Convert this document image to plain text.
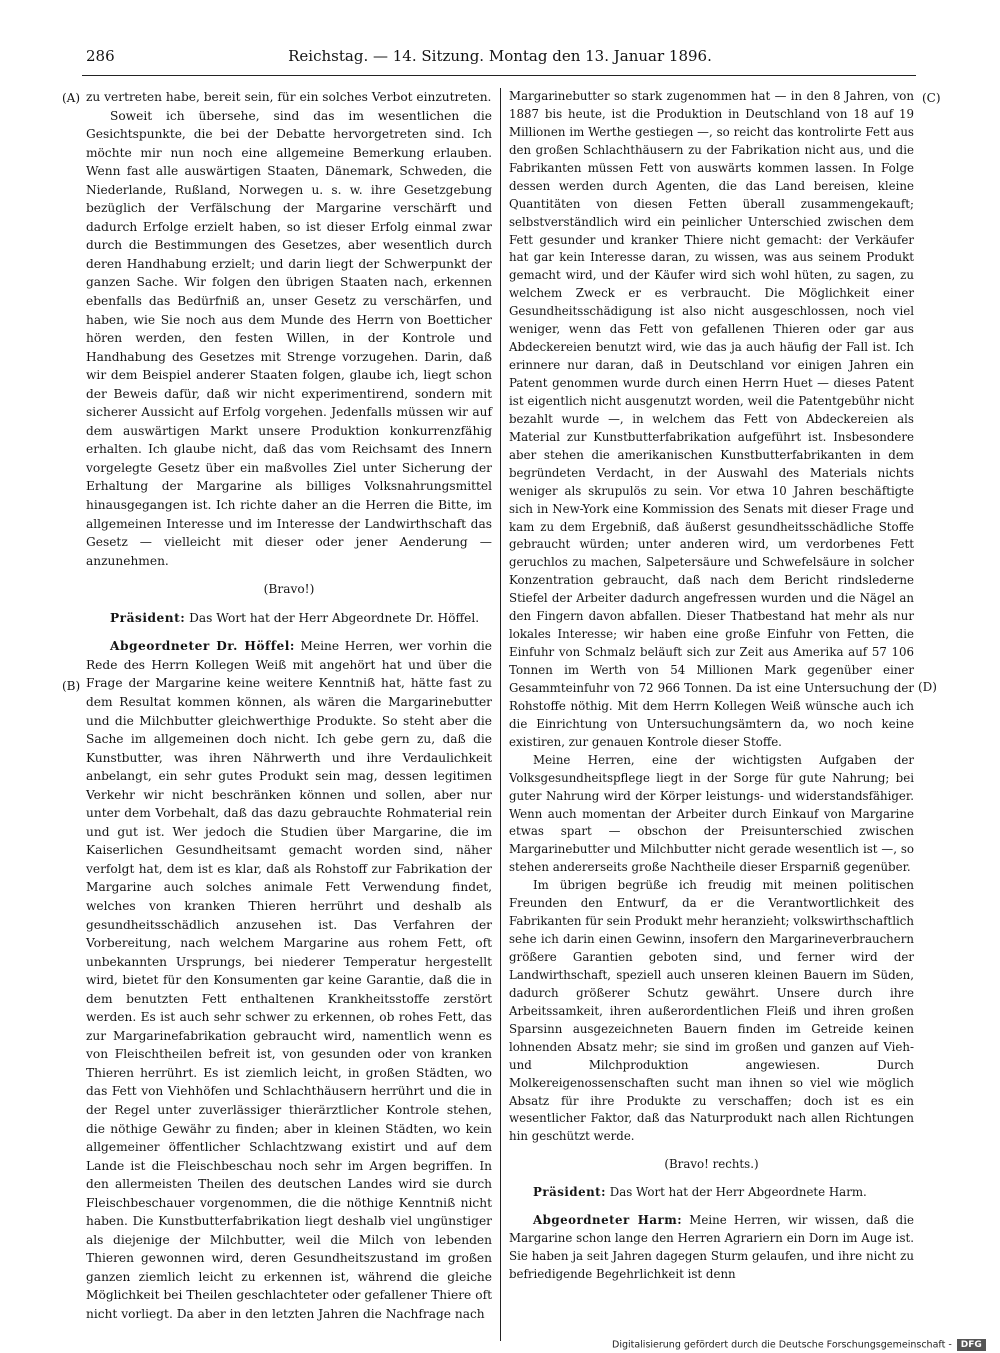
286	Reichstag. — 14. Sitzung. Montag den 13. Januar 1896.
(A)
(B)
(C)
(D)

zu vertreten habe, bereit sein, für ein solches Verbot einzutreten.

Soweit ich übersehe, sind das im wesentlichen die Gesichtspunkte, die bei der Debatte hervorgetreten sind. Ich möchte mir nun noch eine allgemeine Bemerkung erlauben. Wenn fast alle auswärtigen Staaten, Dänemark, Schweden, die Niederlande, Rußland, Norwegen u. s. w. ihre Gesetzgebung bezüglich der Verfälschung der Margarine verschärft und dadurch Erfolge erzielt haben, so ist dieser Erfolg einmal zwar durch die Bestimmungen des Gesetzes, aber wesentlich durch deren Handhabung erzielt; und darin liegt der Schwerpunkt der ganzen Sache. Wir folgen den übrigen Staaten nach, erkennen ebenfalls das Bedürfniß an, unser Gesetz zu verschärfen, und haben, wie Sie noch aus dem Munde des Herrn von Boetticher hören werden, den festen Willen, in der Kontrole und Handhabung des Gesetzes mit Strenge vorzugehen. Darin, daß wir dem Beispiel anderer Staaten folgen, glaube ich, liegt schon der Beweis dafür, daß wir nicht experimentirend, sondern mit sicherer Aussicht auf Erfolg vorgehen. Jedenfalls müssen wir auf dem auswärtigen Markt unsere Produktion konkurrenzfähig erhalten. Ich glaube nicht, daß das vom Reichsamt des Innern vorgelegte Gesetz über ein maßvolles Ziel unter Sicherung der Erhaltung der Margarine als billiges Volksnahrungsmittel hinausgegangen ist. Ich richte daher an die Herren die Bitte, im allgemeinen Interesse und im Interesse der Landwirthschaft das Gesetz — vielleicht mit dieser oder jener Aenderung — anzunehmen.

(Bravo!)

Präsident: Das Wort hat der Herr Abgeordnete Dr. Höffel.

Abgeordneter Dr. Höffel: Meine Herren, wer vorhin die Rede des Herrn Kollegen Weiß mit angehört hat und über die Frage der Margarine keine weitere Kenntniß hat, hätte fast zu dem Resultat kommen können, als wären die Margarinebutter und die Milchbutter gleichwerthige Produkte. So steht aber die Sache im allgemeinen doch nicht. Ich gebe gern zu, daß die Kunstbutter, was ihren Nährwerth und ihre Verdaulichkeit anbelangt, ein sehr gutes Produkt sein mag, dessen legitimen Verkehr wir nicht beschränken können und sollen, aber nur unter dem Vorbehalt, daß das dazu gebrauchte Rohmaterial rein und gut ist. Wer jedoch die Studien über Margarine, die im Kaiserlichen Gesundheitsamt gemacht worden sind, näher verfolgt hat, dem ist es klar, daß als Rohstoff zur Fabrikation der Margarine auch solches animale Fett Verwendung findet, welches von kranken Thieren herrührt und deshalb als gesundheitsschädlich anzusehen ist. Das Verfahren der Vorbereitung, nach welchem Margarine aus rohem Fett, oft unbekannten Ursprungs, bei niederer Temperatur hergestellt wird, bietet für den Konsumenten gar keine Garantie, daß die in dem benutzten Fett enthaltenen Krankheitsstoffe zerstört werden. Es ist auch sehr schwer zu erkennen, ob rohes Fett, das zur Margarinefabrikation gebraucht wird, namentlich wenn es von Fleischtheilen befreit ist, von gesunden oder von kranken Thieren herrührt. Es ist ziemlich leicht, in großen Städten, wo das Fett von Viehhöfen und Schlachthäusern herrührt und die in der Regel unter zuverlässiger thierärztlicher Kontrole stehen, die nöthige Gewähr zu finden; aber in kleinen Städten, wo kein allgemeiner öffentlicher Schlachtzwang existirt und auf dem Lande ist die Fleischbeschau noch sehr im Argen begriffen. In den allermeisten Theilen des deutschen Landes wird sie durch Fleischbeschauer vorgenommen, die die nöthige Kenntniß nicht haben. Die Kunstbutterfabrikation liegt deshalb viel ungünstiger als diejenige der Milchbutter, weil die Milch von lebenden Thieren gewonnen wird, deren Gesundheitszustand im großen ganzen ziemlich leicht zu erkennen ist, während die gleiche Möglichkeit bei Theilen geschlachteter oder gefallener Thiere oft nicht vorliegt. Da aber in den letzten Jahren die Nachfrage nach

Margarinebutter so stark zugenommen hat — in den 8 Jahren, von 1887 bis heute, ist die Produktion in Deutschland von 18 auf 19 Millionen im Werthe gestiegen —, so reicht das kontrolirte Fett aus den großen Schlachthäusern zu der Fabrikation nicht aus, und die Fabrikanten müssen Fett von auswärts kommen lassen. In Folge dessen werden durch Agenten, die das Land bereisen, kleine Quantitäten von diesen Fetten überall zusammengekauft; selbstverständlich wird ein peinlicher Unterschied zwischen dem Fett gesunder und kranker Thiere nicht gemacht: der Verkäufer hat gar kein Interesse daran, zu wissen, was aus seinem Produkt gemacht wird, und der Käufer wird sich wohl hüten, zu sagen, zu welchem Zweck er es verbraucht. Die Möglichkeit einer Gesundheitsschädigung ist also nicht ausgeschlossen, noch viel weniger, wenn das Fett von gefallenen Thieren oder gar aus Abdeckereien benutzt wird, wie das ja auch häufig der Fall ist. Ich erinnere nur daran, daß in Deutschland vor einigen Jahren ein Patent genommen wurde durch einen Herrn Huet — dieses Patent ist eigentlich nicht ausgenutzt worden, weil die Patentgebühr nicht bezahlt wurde —, in welchem das Fett von Abdeckereien als Material zur Kunstbutterfabrikation aufgeführt ist. Insbesondere aber stehen die amerikanischen Kunstbutterfabrikanten in dem begründeten Verdacht, in der Auswahl des Materials nichts weniger als skrupulös zu sein. Vor etwa 10 Jahren beschäftigte sich in New-York eine Kommission des Senats mit dieser Frage und kam zu dem Ergebniß, daß äußerst gesundheitsschädliche Stoffe gebraucht würden; unter anderen wird, um verdorbenes Fett geruchlos zu machen, Salpetersäure und Schwefelsäure in solcher Konzentration gebraucht, daß nach dem Bericht rindslederne Stiefel der Arbeiter dadurch angefressen wurden und die Nägel an den Fingern davon abfallen. Dieser Thatbestand hat mehr als nur lokales Interesse; wir haben eine große Einfuhr von Fetten, die Einfuhr von Schmalz beläuft sich zur Zeit aus Amerika auf 57 106 Tonnen im Werth von 54 Millionen Mark gegenüber einer Gesammteinfuhr von 72 966 Tonnen. Da ist eine Untersuchung der Rohstoffe nöthig. Mit dem Herrn Kollegen Weiß wünsche auch ich die Einrichtung von Untersuchungsämtern da, wo noch keine existiren, zur genauen Kontrole dieser Stoffe.

Meine Herren, eine der wichtigsten Aufgaben der Volksgesundheitspflege liegt in der Sorge für gute Nahrung; bei guter Nahrung wird der Körper leistungs- und widerstandsfähiger. Wenn auch momentan der Arbeiter durch Einkauf von Margarine etwas spart — obschon der Preisunterschied zwischen Margarinebutter und Milchbutter nicht gerade wesentlich ist —, so stehen andererseits große Nachtheile dieser Ersparniß gegenüber.

Im übrigen begrüße ich freudig mit meinen politischen Freunden den Entwurf, da er die Verantwortlichkeit des Fabrikanten für sein Produkt mehr heranzieht; volkswirthschaftlich sehe ich darin einen Gewinn, insofern den Margarineverbrauchern größere Garantien geboten sind, und ferner wird der Landwirthschaft, speziell auch unseren kleinen Bauern im Süden, dadurch größerer Schutz gewährt. Unsere durch ihre Arbeitssamkeit, ihren außerordentlichen Fleiß und ihren großen Sparsinn ausgezeichneten Bauern finden im Getreide keinen lohnenden Absatz mehr; sie sind im großen und ganzen auf Vieh- und Milchproduktion angewiesen. Durch Molkereigenossenschaften sucht man ihnen so viel wie möglich Absatz für ihre Produkte zu verschaffen; doch ist es ein wesentlicher Faktor, daß das Naturprodukt nach allen Richtungen hin geschützt werde.

(Bravo! rechts.)

Präsident: Das Wort hat der Herr Abgeordnete Harm.

Abgeordneter Harm: Meine Herren, wir wissen, daß die Margarine schon lange den Herren Agrariern ein Dorn im Auge ist. Sie haben ja seit Jahren dagegen Sturm gelaufen, und ihre nicht zu befriedigende Begehrlichkeit ist denn

Digitalisierung gefördert durch die Deutsche Forschungsgemeinschaft - DFG
